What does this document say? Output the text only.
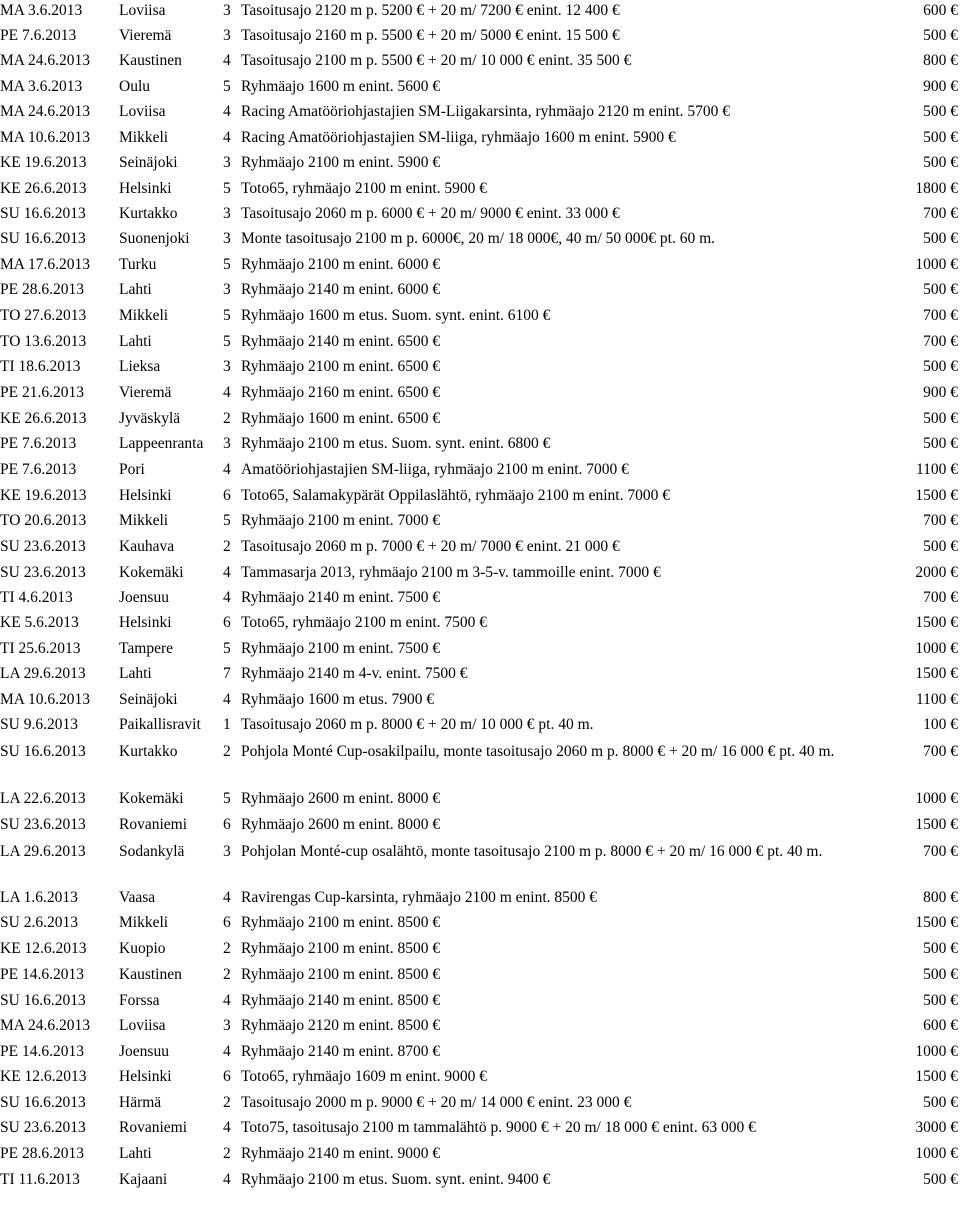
MA 3.6.2013 Loviisa	3 Tasoitusajo 2120 m p. 5200 € + 20 m/ 7200 € enint. 12 400 €	600 €
PE 7.6.2013	Vieremä	3 Tasoitusajo 2160 m p. 5500 € + 20 m/ 5000 € enint. 15 500 €	500 €
MA 24.6.2013 Kaustinen	4 Tasoitusajo 2100 m p. 5500 € + 20 m/ 10 000 € enint. 35 500 €	800 €
MA 3.6.2013 Oulu	5 Ryhmäajo 1600 m enint. 5600 €	900 €
MA 24.6.2013 Loviisa	4 Racing Amatööriohjastajien SM-Liigakarsinta, ryhmäajo 2120 m enint. 5700 €	500 €
MA 10.6.2013 Mikkeli	4 Racing Amatööriohjastajien SM-liiga, ryhmäajo 1600 m enint. 5900 €	500 €
KE 19.6.2013 Seinäjoki	3 Ryhmäajo 2100 m enint. 5900 €	500 €
KE 26.6.2013 Helsinki	5 Toto65, ryhmäajo 2100 m enint. 5900 €	1800 €
SU 16.6.2013 Kurtakko	3 Tasoitusajo 2060 m p. 6000 € + 20 m/ 9000 € enint. 33 000 €	700 €
SU 16.6.2013 Suonenjoki 3 Monte tasoitusajo 2100 m p. 6000€, 20 m/ 18 000€, 40 m/ 50 000€ pt. 60 m.	500 €
MA 17.6.2013 Turku	5 Ryhmäajo 2100 m enint. 6000 €	1000 €
PE 28.6.2013 Lahti	3 Ryhmäajo 2140 m enint. 6000 €	500 €
TO 27.6.2013 Mikkeli	5 Ryhmäajo 1600 m etus. Suom. synt. enint. 6100 €	700 €
TO 13.6.2013 Lahti	5 Ryhmäajo 2140 m enint. 6500 €	700 €
TI 18.6.2013 Lieksa	3 Ryhmäajo 2100 m enint. 6500 €	500 €
PE 21.6.2013 Vieremä	4 Ryhmäajo 2160 m enint. 6500 €	900 €
KE 26.6.2013 Jyväskylä	2 Ryhmäajo 1600 m enint. 6500 €	500 €
PE 7.6.2013	Lappeenranta 3 Ryhmäajo 2100 m etus. Suom. synt. enint. 6800 €	500 €
PE 7.6.2013	Pori	4 Amatööriohjastajien SM-liiga, ryhmäajo 2100 m enint. 7000 €	1100 €
KE 19.6.2013 Helsinki	6 Toto65, Salamakypärät Oppilaslähtö, ryhmäajo 2100 m enint. 7000 €	1500 €
TO 20.6.2013 Mikkeli	5 Ryhmäajo 2100 m enint. 7000 €	700 €
SU 23.6.2013 Kauhava	2 Tasoitusajo 2060 m p. 7000 € + 20 m/ 7000 € enint. 21 000 €	500 €
SU 23.6.2013 Kokemäki	4 Tammasarja 2013, ryhmäajo 2100 m 3-5-v. tammoille enint. 7000 €	2000 €
TI 4.6.2013	Joensuu	4 Ryhmäajo 2140 m enint. 7500 €	700 €
KE 5.6.2013	Helsinki	6 Toto65, ryhmäajo 2100 m enint. 7500 €	1500 €
TI 25.6.2013 Tampere	5 Ryhmäajo 2100 m enint. 7500 €	1000 €
LA 29.6.2013 Lahti	7 Ryhmäajo 2140 m 4-v. enint. 7500 €	1500 €
MA 10.6.2013 Seinäjoki	4 Ryhmäajo 1600 m etus. 7900 €	1100 €
SU 9.6.2013	Paikallisravit 1 Tasoitusajo 2060 m p. 8000 € + 20 m/ 10 000 € pt. 40 m.	100 €
SU 16.6.2013 Kurtakko	2 Pohjola Monté Cup-osakilpailu, monte tasoitusajo 2060 m p. 8000 € + 20 m/ 16 000 € pt. 40 m.	700 €
LA 22.6.2013 Kokemäki	5 Ryhmäajo 2600 m enint. 8000 €	1000 €
SU 23.6.2013 Rovaniemi 6 Ryhmäajo 2600 m enint. 8000 €	1500 €
LA 29.6.2013 Sodankylä 3 Pohjolan Monté-cup osalähtö, monte tasoitusajo 2100 m p. 8000 € + 20 m/ 16 000 € pt. 40 m.	700 €
LA 1.6.2013	Vaasa	4 Ravirengas Cup-karsinta, ryhmäajo 2100 m enint. 8500 €	800 €
SU 2.6.2013	Mikkeli	6 Ryhmäajo 2100 m enint. 8500 €	1500 €
KE 12.6.2013 Kuopio	2 Ryhmäajo 2100 m enint. 8500 €	500 €
PE 14.6.2013 Kaustinen	2 Ryhmäajo 2100 m enint. 8500 €	500 €
SU 16.6.2013 Forssa	4 Ryhmäajo 2140 m enint. 8500 €	500 €
MA 24.6.2013 Loviisa	3 Ryhmäajo 2120 m enint. 8500 €	600 €
PE 14.6.2013 Joensuu	4 Ryhmäajo 2140 m enint. 8700 €	1000 €
KE 12.6.2013 Helsinki	6 Toto65, ryhmäajo 1609 m enint. 9000 €	1500 €
SU 16.6.2013 Härmä	2 Tasoitusajo 2000 m p. 9000 € + 20 m/ 14 000 € enint. 23 000 €	500 €
SU 23.6.2013 Rovaniemi 4 Toto75, tasoitusajo 2100 m tammalähtö p. 9000 € + 20 m/ 18 000 € enint. 63 000 €	3000 €
PE 28.6.2013 Lahti	2 Ryhmäajo 2140 m enint. 9000 €	1000 €
TI 11.6.2013	Kajaani	4 Ryhmäajo 2100 m etus. Suom. synt. enint. 9400 €	500 €
